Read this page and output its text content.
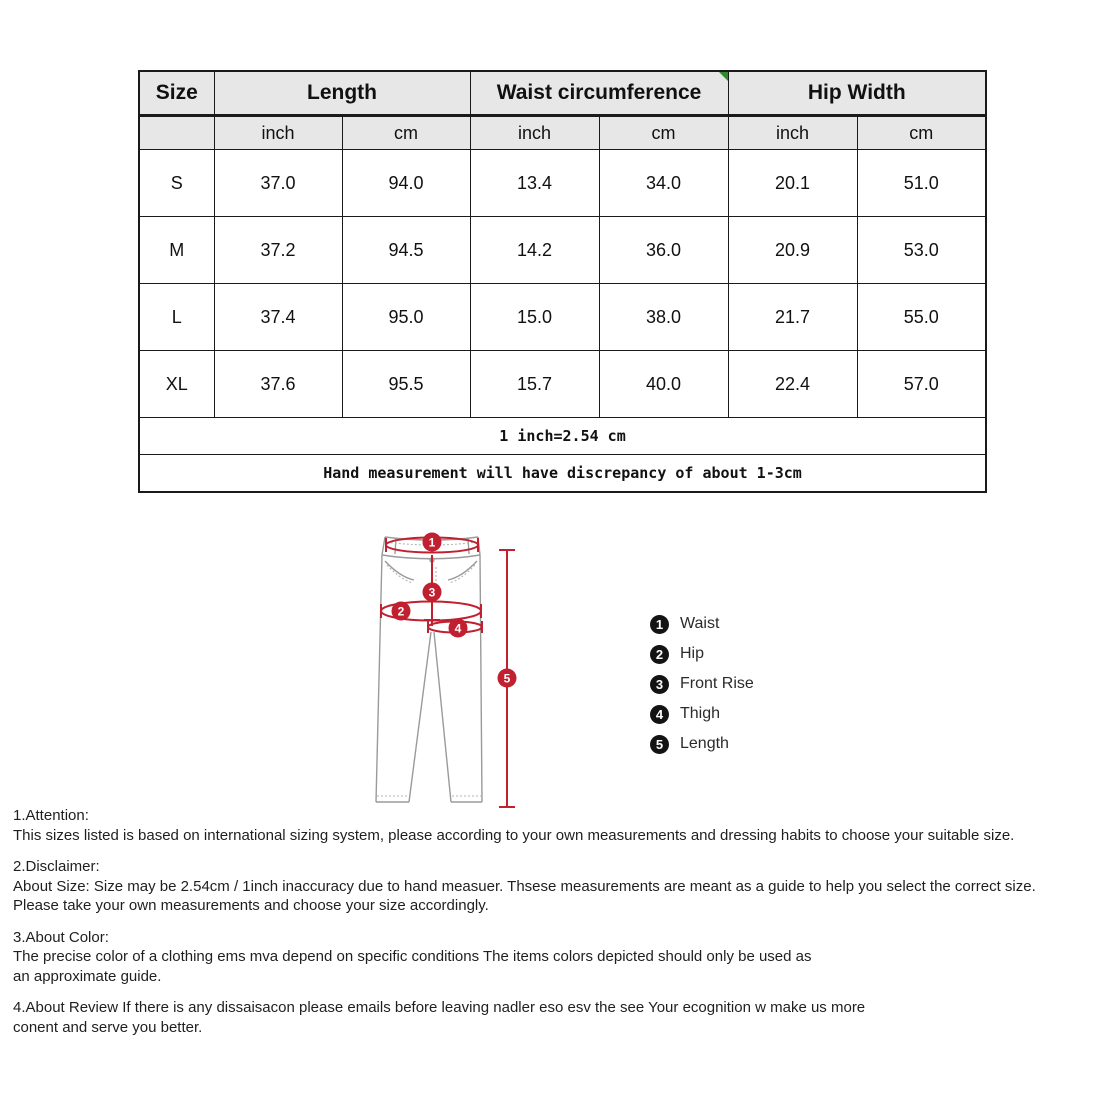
Size	Length		Waist circumference		Hip Width	
	inch	cm	inch	cm	inch	cm
S	37.0	94.0	13.4	34.0	20.1	51.0
M	37.2	94.5	14.2	36.0	20.9	53.0
L	37.4	95.0	15.0	38.0	21.7	55.0
XL	37.6	95.5	15.7	40.0	22.4	57.0
1 inch=2.54 cm						
Hand measurement will have discrepancy of about 1-3cm						
1
2
3
4
5
1	Waist
2	Hip
3	Front Rise
4	Thigh
5	Length

1.Attention:

This sizes listed is based on international sizing system, please according to your own measurements and dressing habits to choose your suitable size.

2.Disclaimer:

About Size: Size may be 2.54cm / 1inch inaccuracy due to hand measuer. Thsese measurements are meant as a guide to help you select the correct size.

Please take your own measurements and choose your size accordingly.

3.About Color:

The precise color of a clothing ems mva depend on specific conditions The items colors depicted should only be used as

an approximate guide.

4.About Review If there is any dissaisacon please emails before leaving nadler eso esv the see Your ecognition w make us more

conent and serve you better.
